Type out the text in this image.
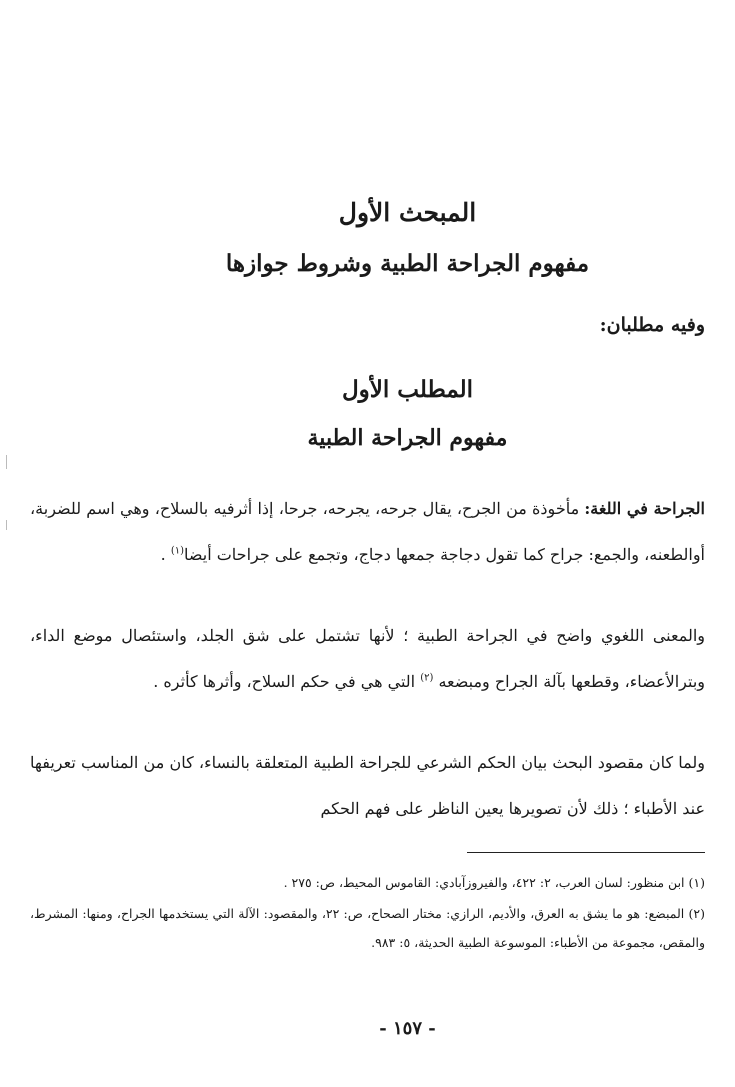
المبحث الأول
مفهوم الجراحة الطبية وشروط جوازها
وفيه مطلبان:
المطلب الأول
مفهوم الجراحة الطبية
الجراحة في اللغة: مأخوذة من الجرح، يقال جرحه، يجرحه، جرحا، إذا أثرفيه بالسلاح، وهي اسم للضربة، أوالطعنه، والجمع: جراح كما تقول دجاجة جمعها دجاج، وتجمع على جراحات أيضا$^{(١)}$ .
والمعنى اللغوي واضح في الجراحة الطبية ؛ لأنها تشتمل على شق الجلد، واستئصال موضع الداء، وبترالأعضاء، وقطعها بآلة الجراح ومبضعه $^{(٢)}$ التي هي في حكم السلاح، وأثرها كأثره .
ولما كان مقصود البحث بيان الحكم الشرعي للجراحة الطبية المتعلقة بالنساء، كان من المناسب تعريفها عند الأطباء ؛ ذلك لأن تصويرها يعين الناظر على فهم الحكم
(١) ابن منظور: لسان العرب، ٢: ٤٢٢، والفيروزآبادي: القاموس المحيط، ص: ٢٧٥ .
(٢) المبضع: هو ما يشق به العرق، والأديم، الرازي: مختار الصحاح، ص: ٢٢، والمقصود: الآلة التي يستخدمها الجراح، ومنها: المشرط، والمقص، مجموعة من الأطباء: الموسوعة الطبية الحديثة، ٥: ٩٨٣.
- ١٥٧ -
